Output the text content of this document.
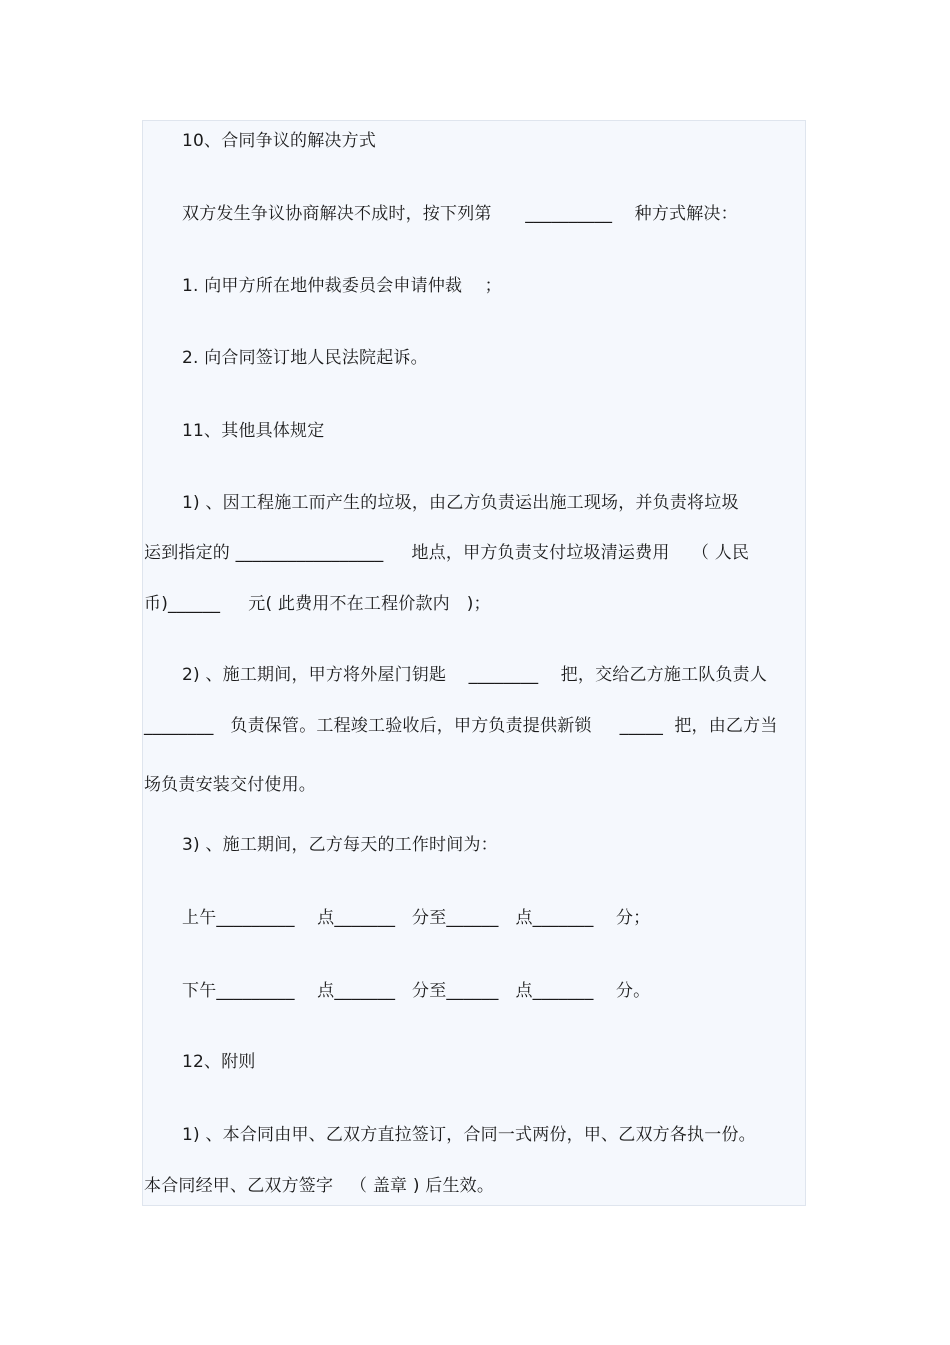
10、合同争议的解决方式

双方发生争议协商解决不成时，按下列第      __________    种方式解决：

1. 向甲方所在地仲裁委员会申请仲裁    ；

2. 向合同签订地人民法院起诉。

11、其他具体规定

1) 、因工程施工而产生的垃圾，由乙方负责运出施工现场，并负责将垃圾

运到指定的 _________________     地点，甲方负责支付垃圾清运费用    （ 人民

币)______     元( 此费用不在工程价款内   )；

2) 、施工期间，甲方将外屋门钥匙    ________    把，交给乙方施工队负责人

________   负责保管。工程竣工验收后，甲方负责提供新锁     _____  把，由乙方当

场负责安装交付使用。

3) 、施工期间，乙方每天的工作时间为：

上午_________    点_______   分至______   点_______    分；

下午_________    点_______   分至______   点_______    分。

12、附则

1) 、本合同由甲、乙双方直拉签订，合同一式两份，甲、乙双方各执一份。

本合同经甲、乙双方签字   （ 盖章 ) 后生效。
